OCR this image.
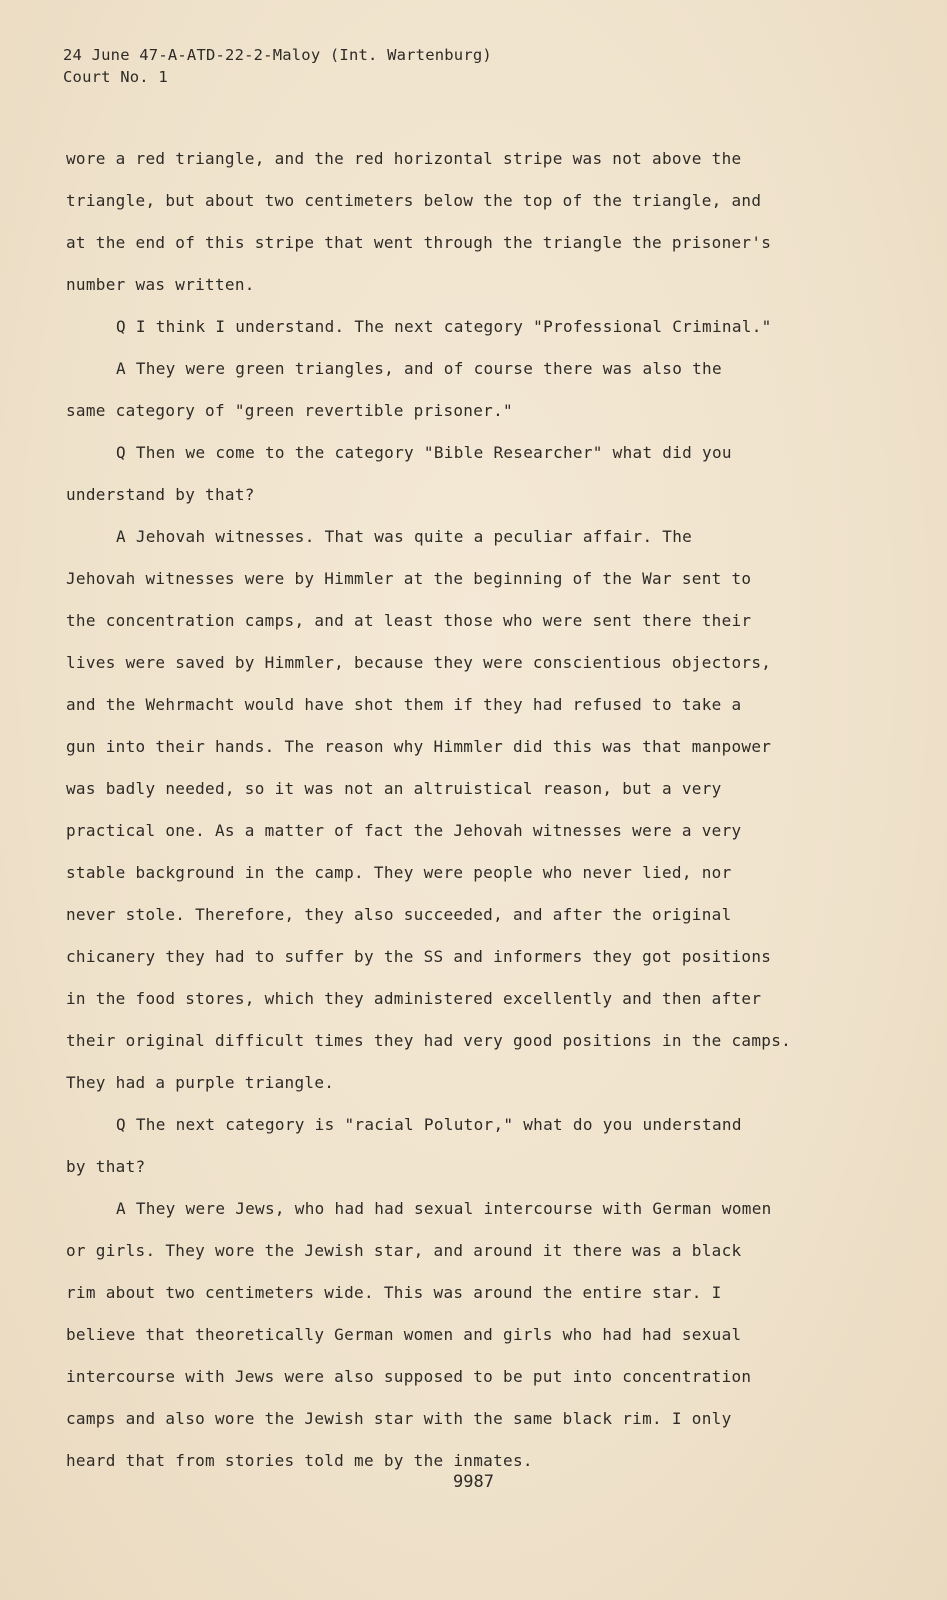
24 June 47-A-ATD-22-2-Maloy (Int. Wartenburg)
Court No. 1
wore a red triangle, and the red horizontal stripe was not above the
triangle, but about two centimeters below the top of the triangle, and
at the end of this stripe that went through the triangle the prisoner's
number was written.
Q I think I understand. The next category "Professional Criminal."
A They were green triangles, and of course there was also the
same category of "green revertible prisoner."
Q Then we come to the category "Bible Researcher" what did you
understand by that?
A Jehovah witnesses. That was quite a peculiar affair. The
Jehovah witnesses were by Himmler at the beginning of the War sent to
the concentration camps, and at least those who were sent there their
lives were saved by Himmler, because they were conscientious objectors,
and the Wehrmacht would have shot them if they had refused to take a
gun into their hands. The reason why Himmler did this was that manpower
was badly needed, so it was not an altruistical reason, but a very
practical one. As a matter of fact the Jehovah witnesses were a very
stable background in the camp. They were people who never lied, nor
never stole. Therefore, they also succeeded, and after the original
chicanery they had to suffer by the SS and informers they got positions
in the food stores, which they administered excellently and then after
their original difficult times they had very good positions in the camps.
They had a purple triangle.
Q The next category is "racial Polutor," what do you understand
by that?
A They were Jews, who had had sexual intercourse with German women
or girls. They wore the Jewish star, and around it there was a black
rim about two centimeters wide. This was around the entire star. I
believe that theoretically German women and girls who had had sexual
intercourse with Jews were also supposed to be put into concentration
camps and also wore the Jewish star with the same black rim. I only
heard that from stories told me by the inmates.
9987
